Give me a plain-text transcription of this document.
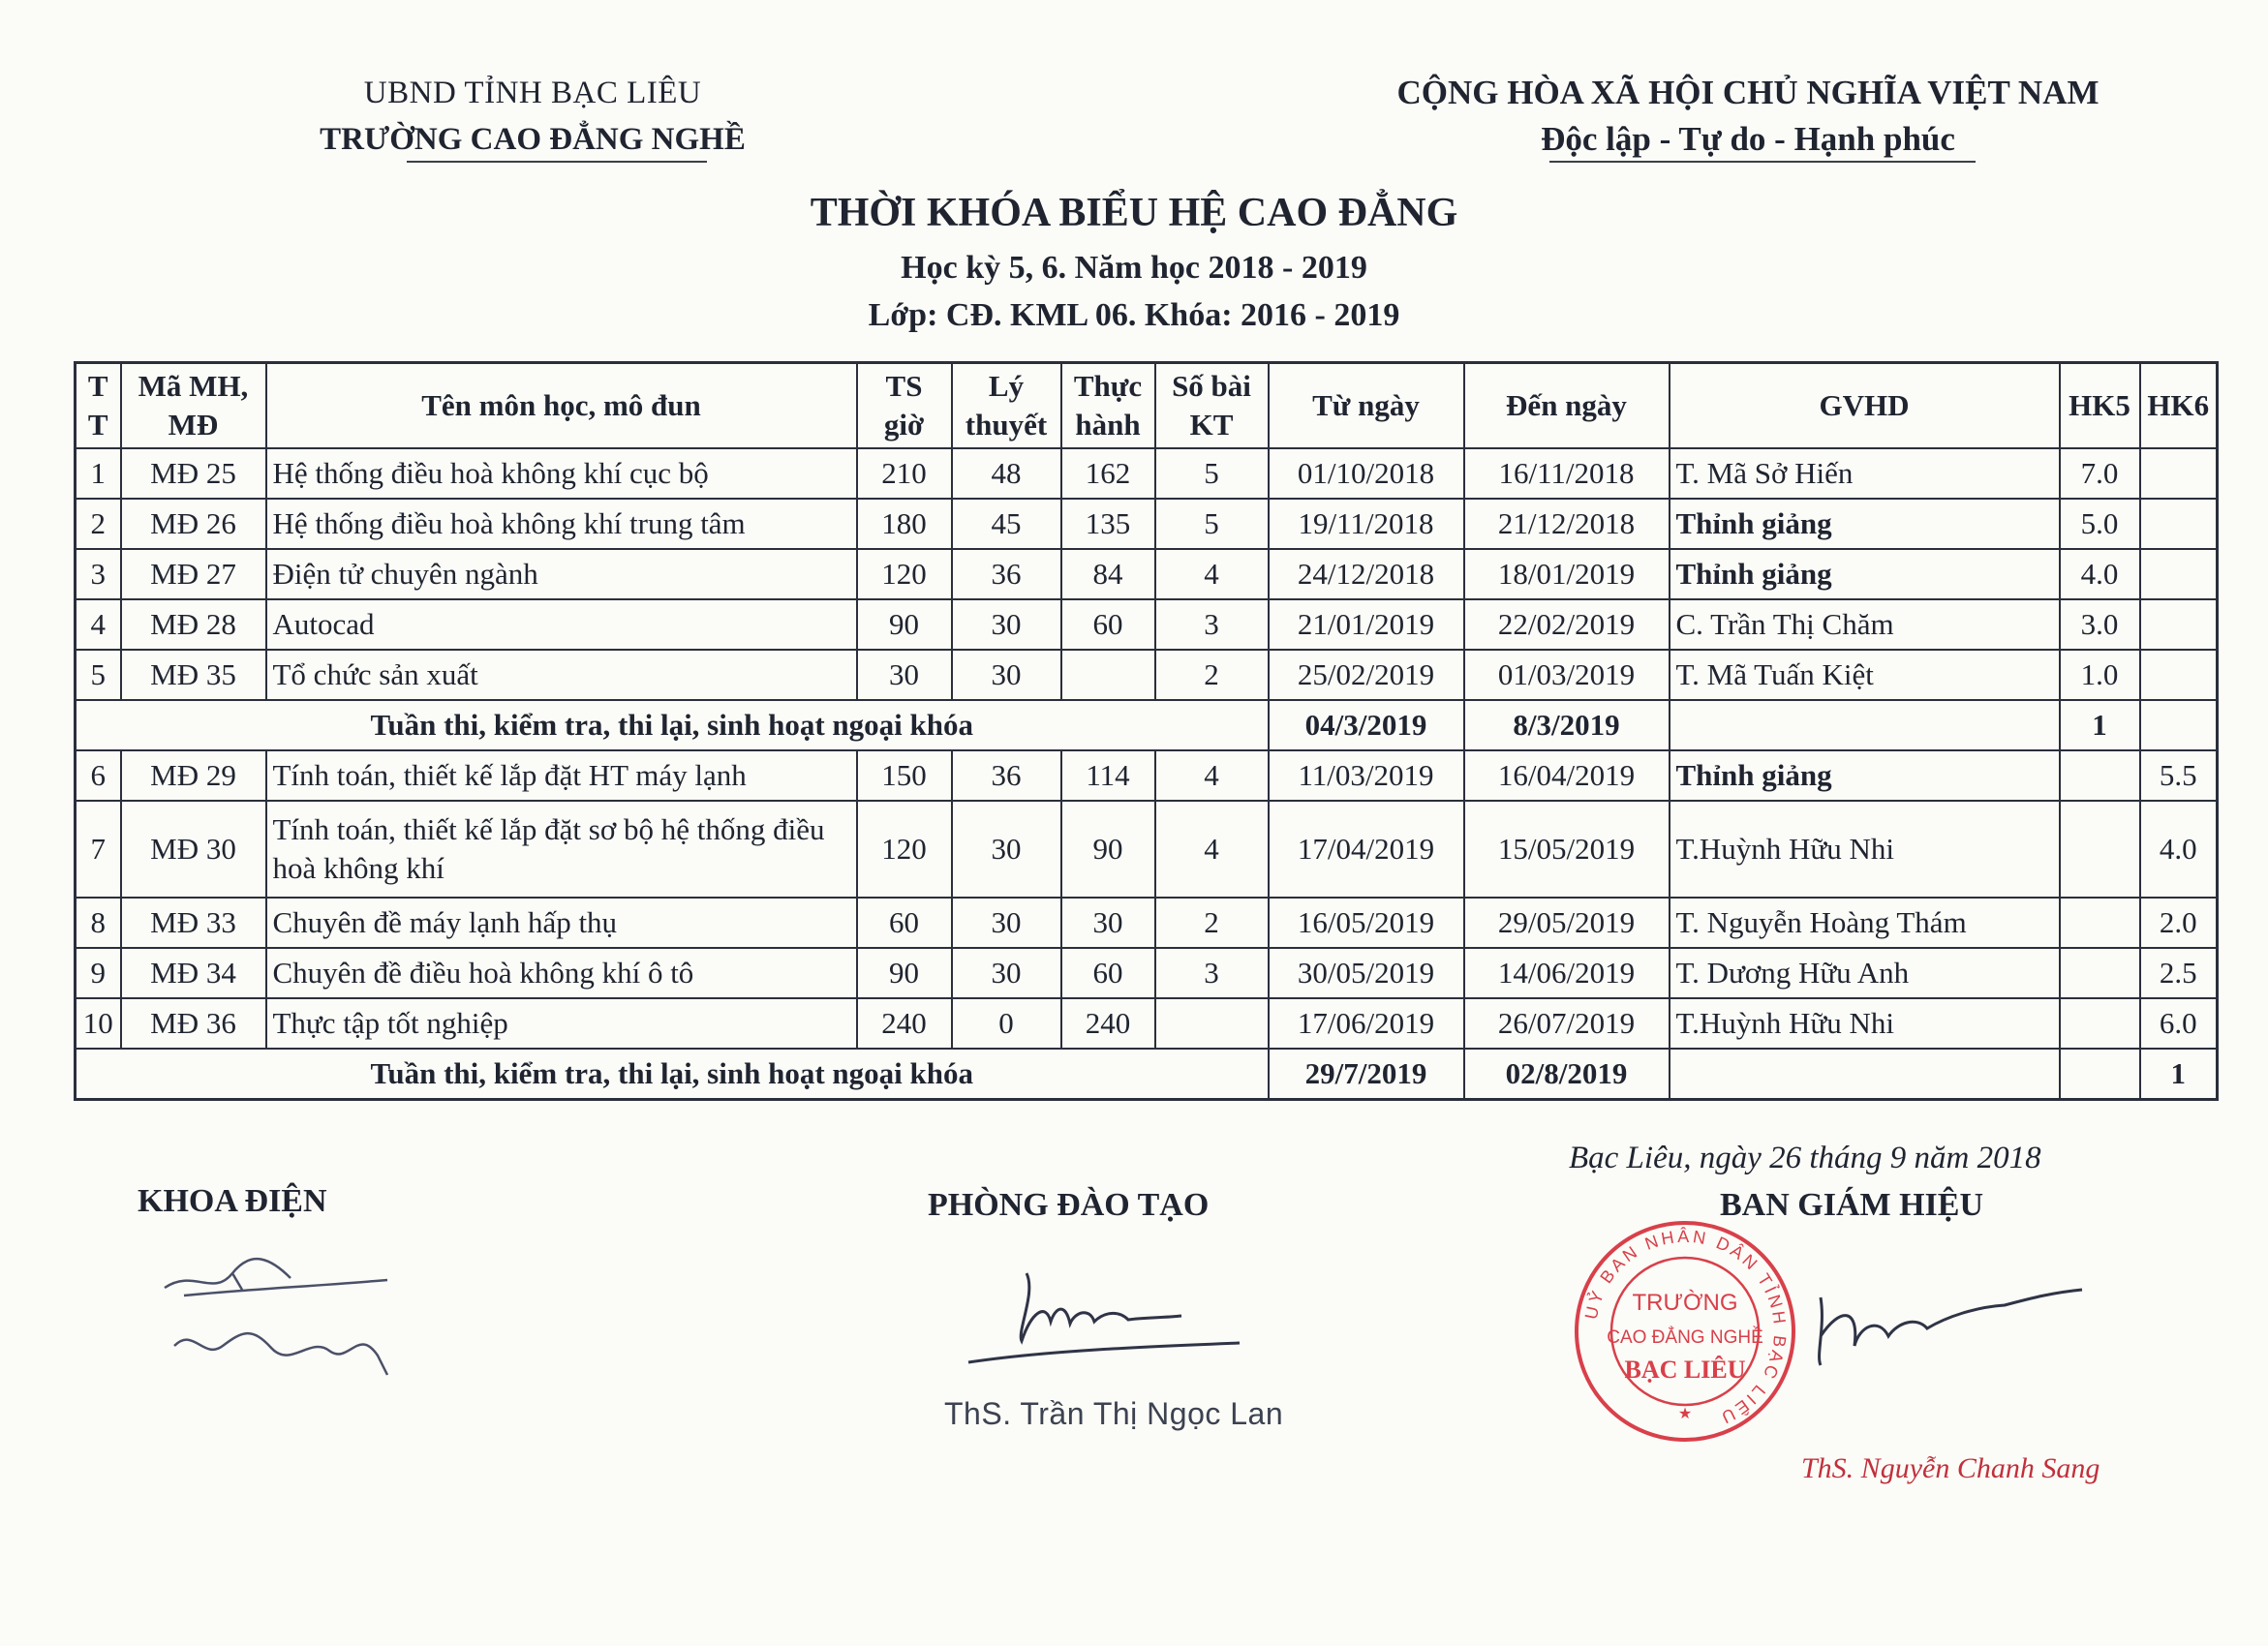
UBND TỈNH BẠC LIÊU
TRƯỜNG CAO ĐẲNG NGHỀ
CỘNG HÒA XÃ HỘI CHỦ NGHĨA VIỆT NAM
Độc lập - Tự do - Hạnh phúc
THỜI KHÓA BIỂU HỆ CAO ĐẲNG
Học kỳ 5, 6. Năm học 2018 - 2019
Lớp: CĐ. KML 06. Khóa: 2016 - 2019
T T	Mã MH, MĐ	Tên môn học, mô đun	TS giờ	Lý thuyết	Thực hành	Số bài KT	Từ ngày	Đến ngày	GVHD	HK5	HK6
1	MĐ 25	Hệ thống điều hoà không khí cục bộ	210	48	162	5	01/10/2018	16/11/2018	T. Mã Sở Hiến	7.0	
2	MĐ 26	Hệ thống điều hoà không khí trung tâm	180	45	135	5	19/11/2018	21/12/2018	Thỉnh giảng	5.0	
3	MĐ 27	Điện tử chuyên ngành	120	36	84	4	24/12/2018	18/01/2019	Thỉnh giảng	4.0	
4	MĐ 28	Autocad	90	30	60	3	21/01/2019	22/02/2019	C. Trần Thị Chăm	3.0	
5	MĐ 35	Tổ chức sản xuất	30	30		2	25/02/2019	01/03/2019	T. Mã Tuấn Kiệt	1.0	
Tuần thi, kiểm tra, thi lại, sinh hoạt ngoại khóa							04/3/2019	8/3/2019		1	
6	MĐ 29	Tính toán, thiết kế lắp đặt HT máy lạnh	150	36	114	4	11/03/2019	16/04/2019	Thỉnh giảng		5.5
7	MĐ 30	Tính toán, thiết kế lắp đặt sơ bộ hệ thống điều hoà không khí	120	30	90	4	17/04/2019	15/05/2019	T.Huỳnh Hữu Nhi		4.0
8	MĐ 33	Chuyên đề máy lạnh hấp thụ	60	30	30	2	16/05/2019	29/05/2019	T. Nguyễn Hoàng Thám		2.0
9	MĐ 34	Chuyên đề điều hoà không khí ô tô	90	30	60	3	30/05/2019	14/06/2019	T. Dương Hữu Anh		2.5
10	MĐ 36	Thực tập tốt nghiệp	240	0	240		17/06/2019	26/07/2019	T.Huỳnh Hữu Nhi		6.0
Tuần thi, kiểm tra, thi lại, sinh hoạt ngoại khóa							29/7/2019	02/8/2019			1
Bạc Liêu, ngày 26 tháng 9 năm 2018
KHOA ĐIỆN	PHÒNG ĐÀO TẠO	BAN GIÁM HIỆU
ThS. Trần Thị Ngọc Lan
UỶ BAN NHÂN DÂN TỈNH BẠC LIÊU
TRƯỜNG
CAO ĐẲNG NGHỀ
BẠC LIÊU
★
ThS. Nguyễn Chanh Sang
